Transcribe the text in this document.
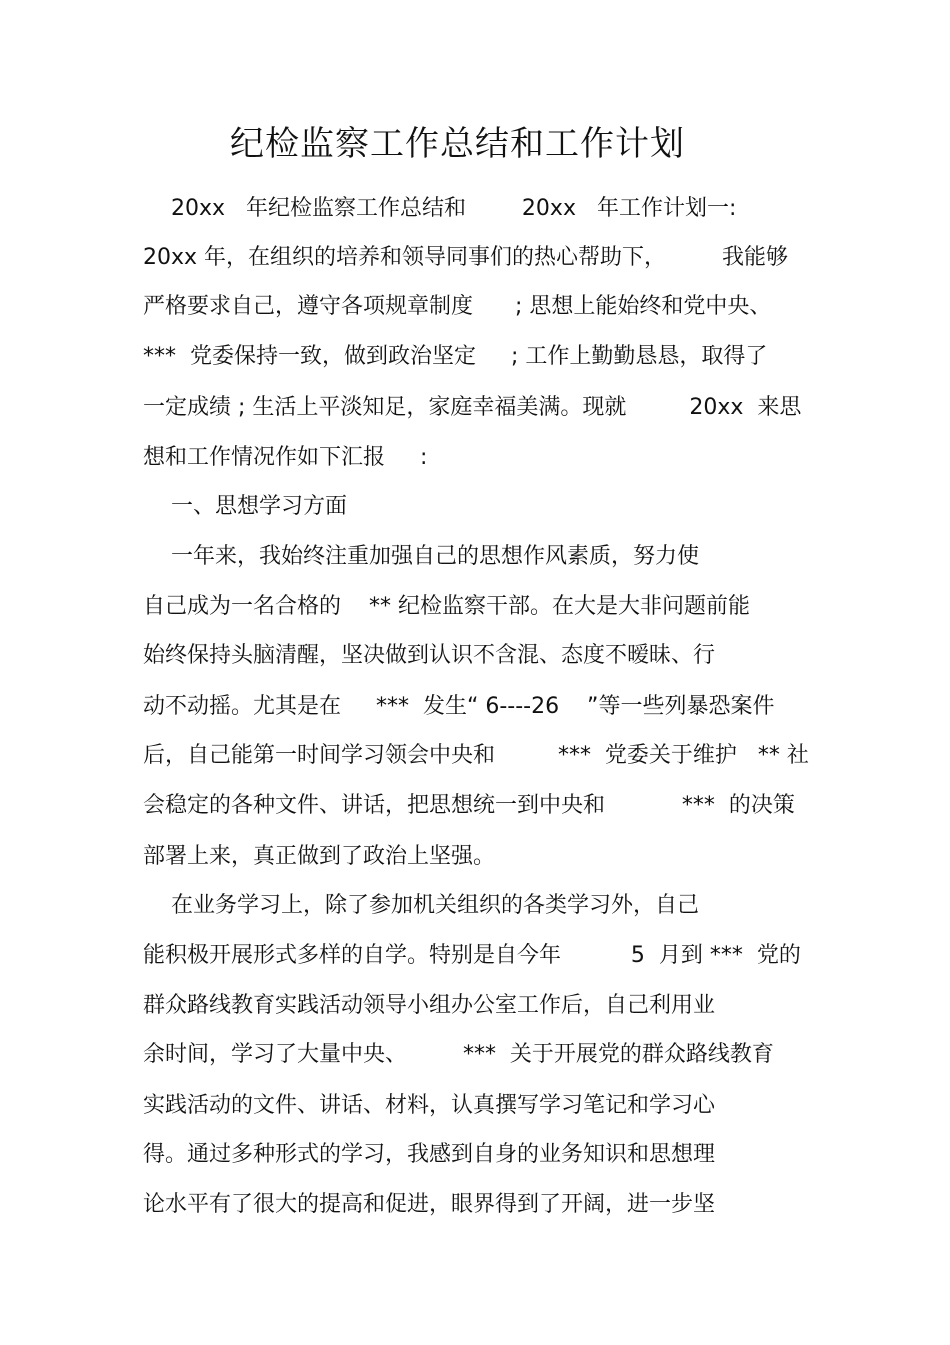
纪检监察工作总结和工作计划
20xx   年纪检监察工作总结和        20xx   年工作计划一:
20xx 年，在组织的培养和领导同事们的热心帮助下，        我能够
严格要求自己，遵守各项规章制度      ; 思想上能始终和党中央、
***  党委保持一致，做到政治坚定     ; 工作上勤勤恳恳，取得了
一定成绩 ; 生活上平淡知足，家庭幸福美满。现就         20xx  来思
想和工作情况作如下汇报     :
一、思想学习方面
一年来，我始终注重加强自己的思想作风素质，努力使
自己成为一名合格的    ** 纪检监察干部。在大是大非问题前能
始终保持头脑清醒，坚决做到认识不含混、态度不暧昧、行
动不动摇。尤其是在     ***  发生“ 6----26    ”等一些列暴恐案件
后，自己能第一时间学习领会中央和         ***  党委关于维护   ** 社
会稳定的各种文件、讲话，把思想统一到中央和           ***  的决策
部署上来，真正做到了政治上坚强。
在业务学习上，除了参加机关组织的各类学习外，自己
能积极开展形式多样的自学。特别是自今年          5  月到 ***  党的
群众路线教育实践活动领导小组办公室工作后，自己利用业
余时间，学习了大量中央、        ***  关于开展党的群众路线教育
实践活动的文件、讲话、材料，认真撰写学习笔记和学习心
得。通过多种形式的学习，我感到自身的业务知识和思想理
论水平有了很大的提高和促进，眼界得到了开阔，进一步坚
